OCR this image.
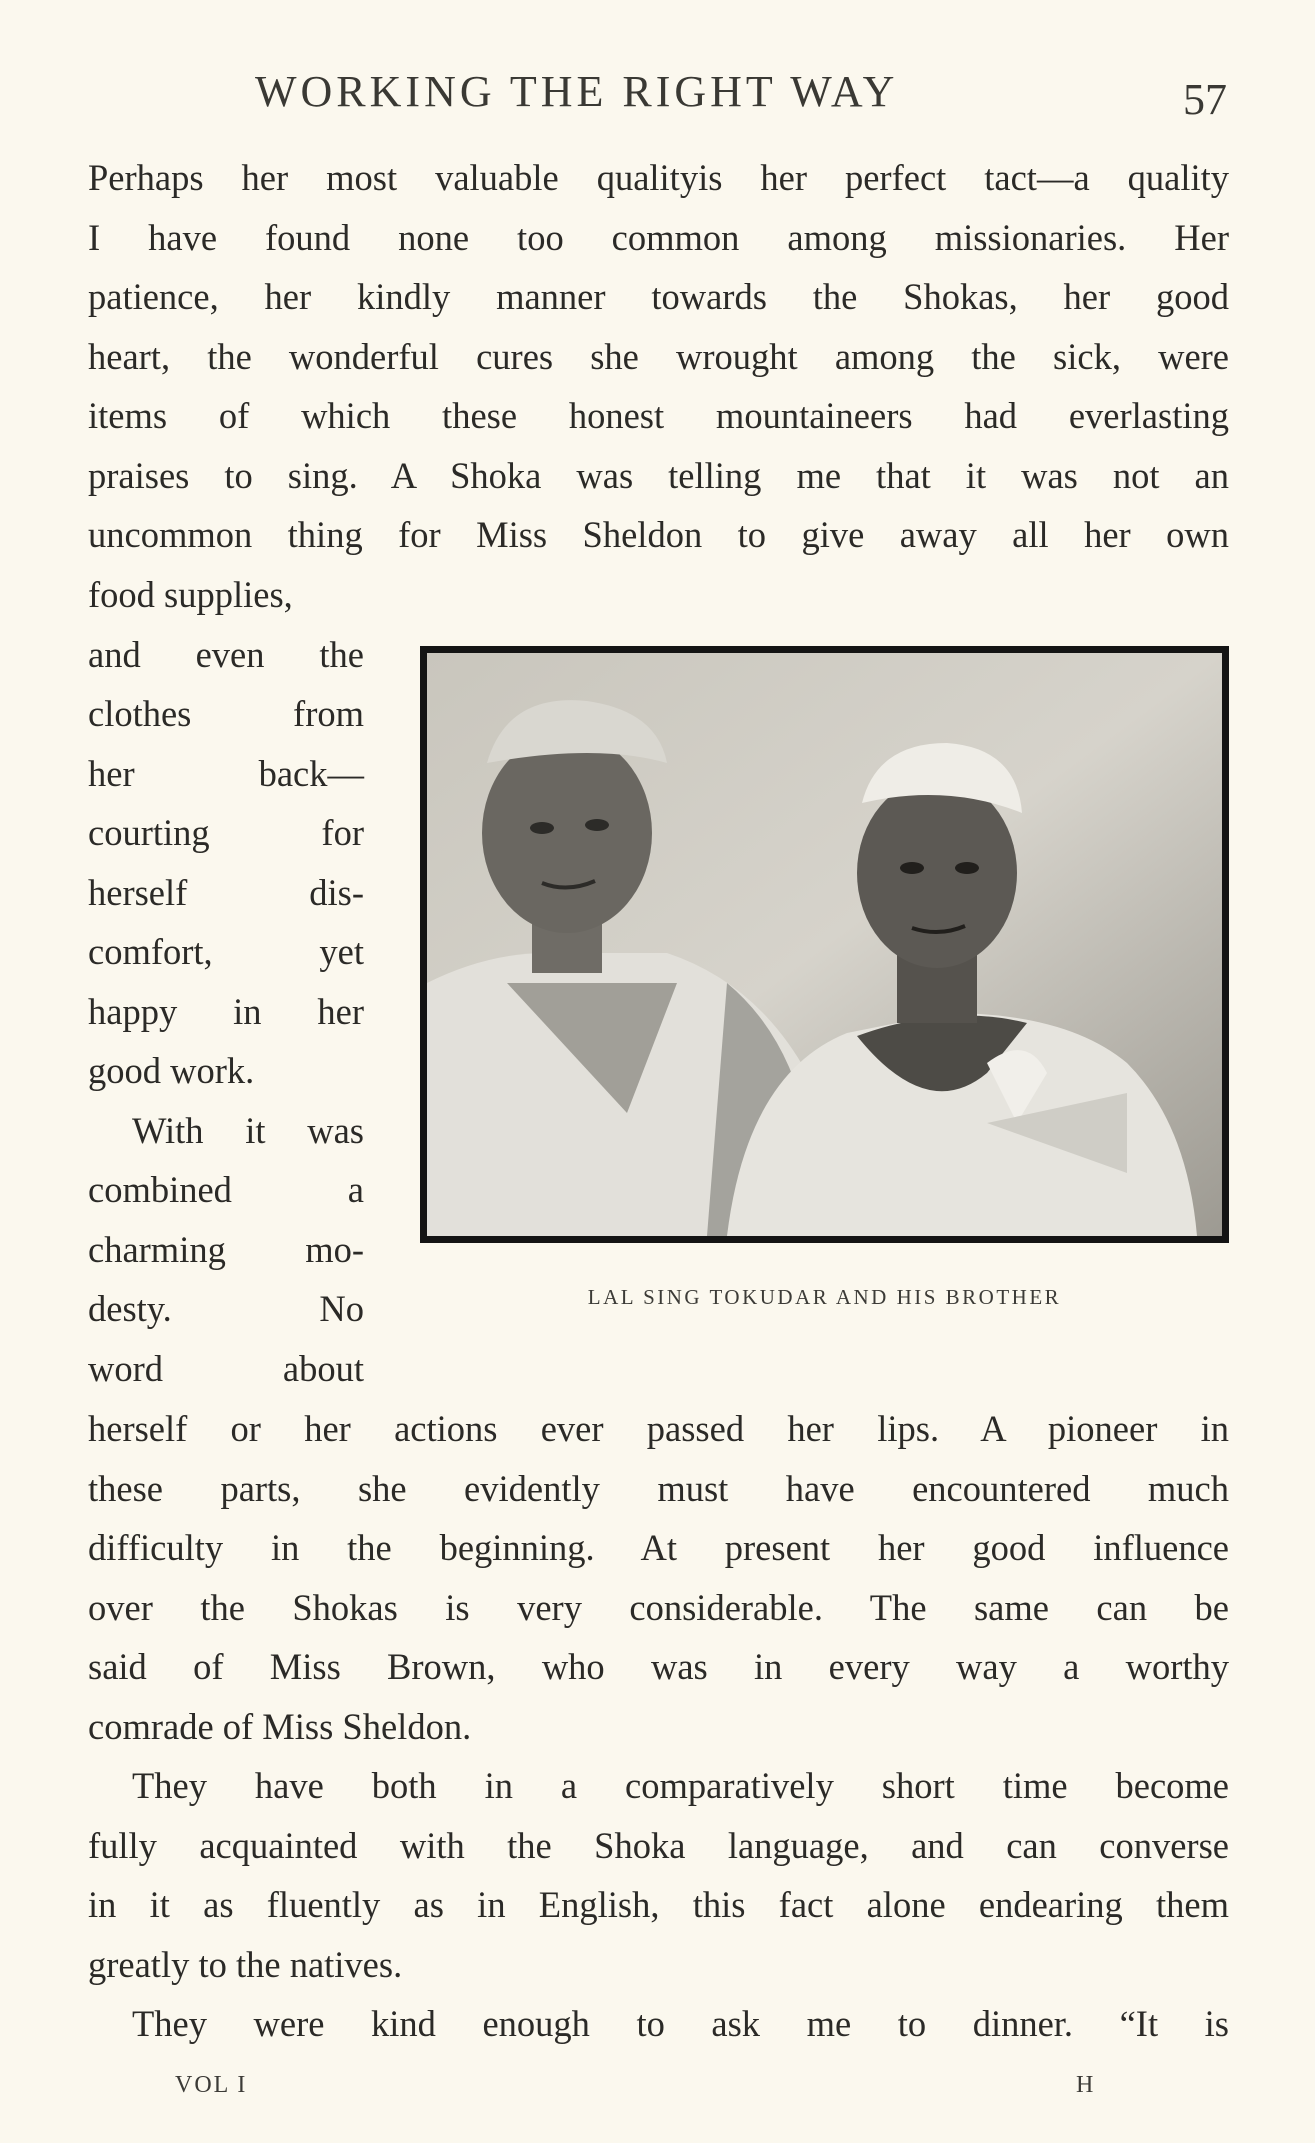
WORKING THE RIGHT WAY	57
Perhaps her most valuable qualityis her perfect tact—a quality
I have found none too common among missionaries. Her
patience, her kindly manner towards the Shokas, her good
heart, the wonderful cures she wrought among the sick, were
items of which these honest mountaineers had everlasting
praises to sing. A Shoka was telling me that it was not an
uncommon thing for Miss Sheldon to give away all her own
food supplies,
and even the
clothes from
her back—
courting for
herself dis-
comfort, yet
happy in her
good work.
With it was
combined a
charming mo-
desty. No
word about
LAL SING TOKUDAR AND HIS BROTHER
herself or her actions ever passed her lips. A pioneer in
these parts, she evidently must have encountered much
difficulty in the beginning. At present her good influence
over the Shokas is very considerable. The same can be
said of Miss Brown, who was in every way a worthy
comrade of Miss Sheldon.
They have both in a comparatively short time become
fully acquainted with the Shoka language, and can converse
in it as fluently as in English, this fact alone endearing them
greatly to the natives.
They were kind enough to ask me to dinner. “It is
VOL I	H
